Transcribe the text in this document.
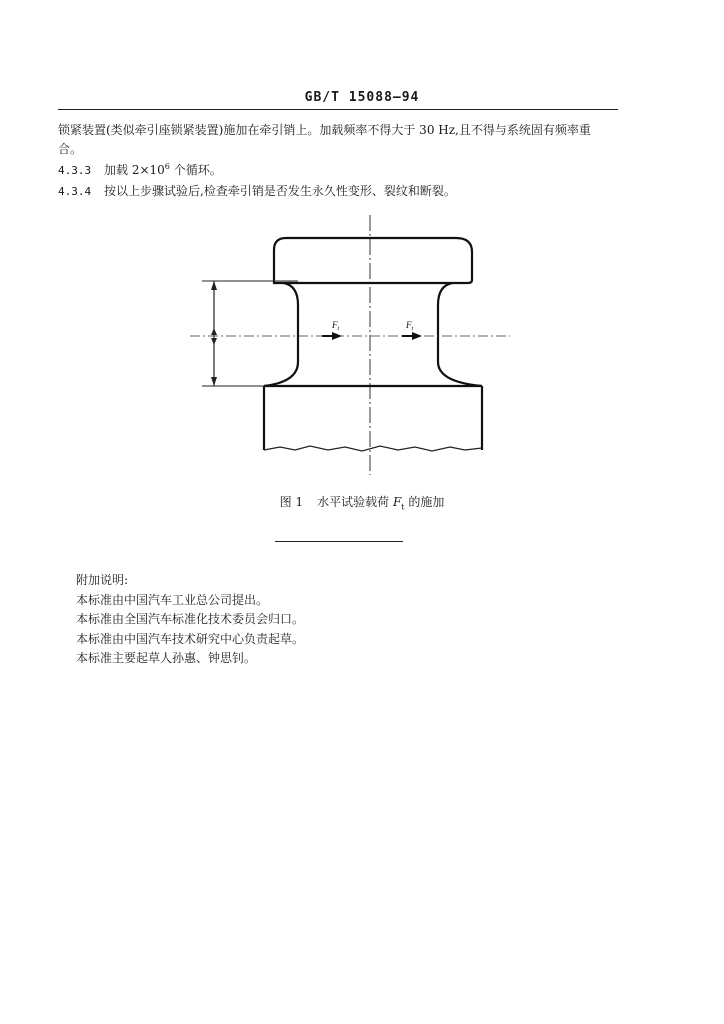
GB/T 15088—94

锁紧装置(类似牵引座锁紧装置)施加在牵引销上。加载频率不得大于 30 Hz,且不得与系统固有频率重

合。

4.3.3 加载 $2\times 10^6$ 个循环。

4.3.4 按以上步骤试验后,检查牵引销是否发生永久性变形、裂纹和断裂。

$F_t$	$F_t$
图 1 水平试验载荷 $F_t$ 的施加
附加说明:
本标准由中国汽车工业总公司提出。
本标准由全国汽车标准化技术委员会归口。
本标准由中国汽车技术研究中心负责起草。
本标准主要起草人孙惠、钟思钊。
